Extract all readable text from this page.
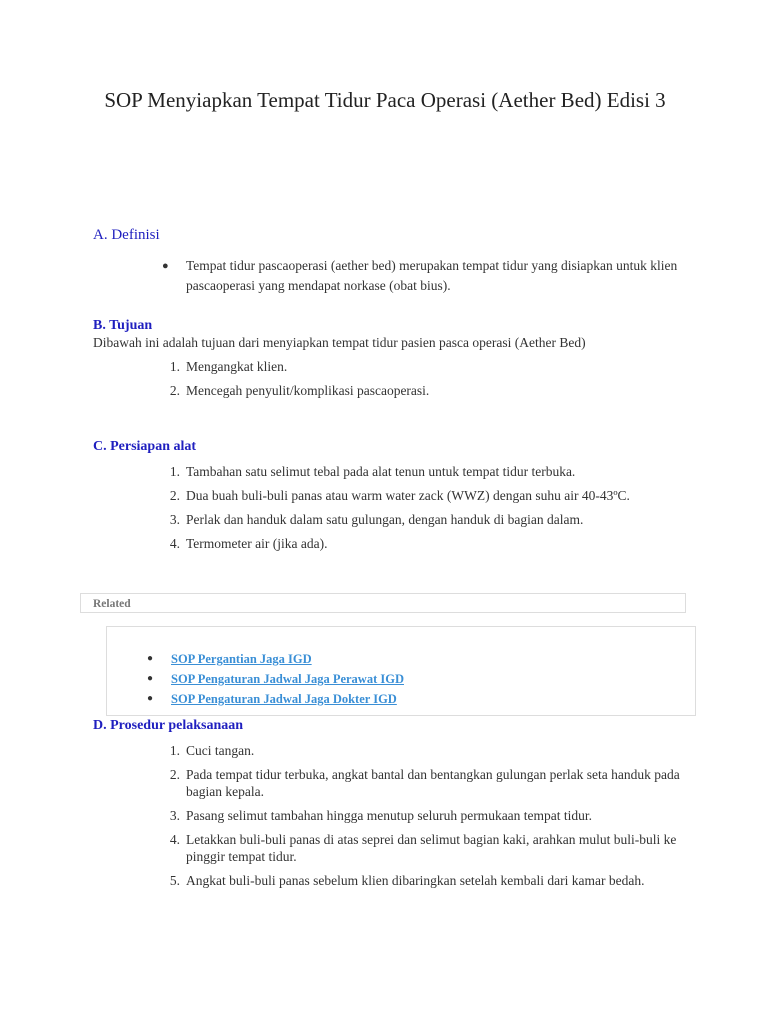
SOP Menyiapkan Tempat Tidur Paca Operasi (Aether Bed) Edisi 3
A. Definisi
●	Tempat tidur pascaoperasi (aether bed) merupakan tempat tidur yang disiapkan untuk klien pascaoperasi yang mendapat norkase (obat bius).
B. Tujuan

Dibawah ini adalah tujuan dari menyiapkan tempat tidur pasien pasca operasi (Aether Bed)

1. Mengangkat klien.
2. Mencegah penyulit/komplikasi pascaoperasi.
C. Persiapan alat
1. Tambahan satu selimut tebal pada alat tenun untuk tempat tidur terbuka.
2. Dua buah buli-buli panas atau warm water zack (WWZ) dengan suhu air 40-43ºC.
3. Perlak dan handuk dalam satu gulungan, dengan handuk di bagian dalam.
4. Termometer air (jika ada).
Related
● SOP Pergantian Jaga IGD
● SOP Pengaturan Jadwal Jaga Perawat IGD
● SOP Pengaturan Jadwal Jaga Dokter IGD
D. Prosedur pelaksanaan
1. Cuci tangan.
2. Pada tempat tidur terbuka, angkat bantal dan bentangkan gulungan perlak seta handuk pada bagian kepala.
3. Pasang selimut tambahan hingga menutup seluruh permukaan tempat tidur.
4. Letakkan buli-buli panas di atas seprei dan selimut bagian kaki, arahkan mulut buli-buli ke pinggir tempat tidur.
5. Angkat buli-buli panas sebelum klien dibaringkan setelah kembali dari kamar bedah.
